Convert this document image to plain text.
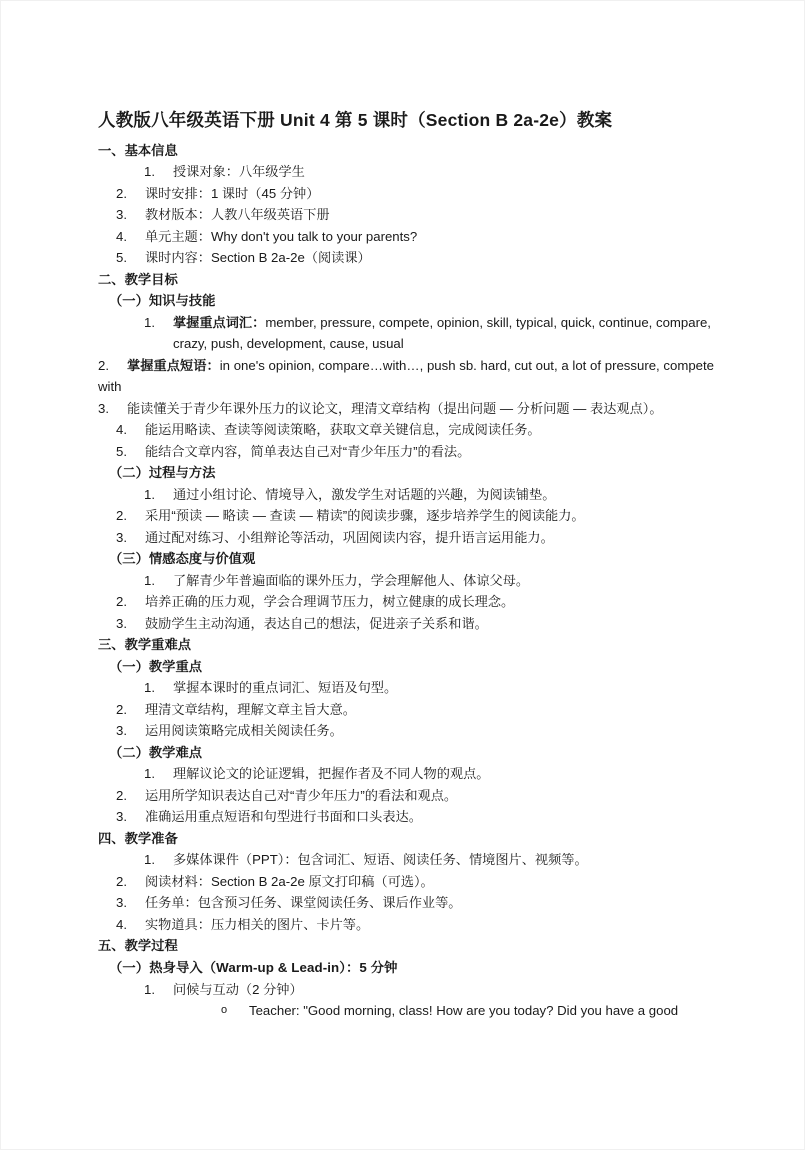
人教版八年级英语下册 Unit 4 第 5 课时（Section B 2a-2e）教案
一、基本信息
1.	授课对象：八年级学生
2.	课时安排：1 课时（45 分钟）
3.	教材版本：人教八年级英语下册
4.	单元主题：Why don't you talk to your parents?
5.	课时内容：Section B 2a-2e（阅读课）
二、教学目标
（一）知识与技能
1.	掌握重点词汇：member, pressure, compete, opinion, skill, typical, quick, continue, compare, crazy, push, development, cause, usual
2. 掌握重点短语：in one's opinion, compare…with…, push sb. hard, cut out, a lot of pressure, compete with
3. 能读懂关于青少年课外压力的议论文，理清文章结构（提出问题 — 分析问题 — 表达观点）。
4.	能运用略读、查读等阅读策略，获取文章关键信息，完成阅读任务。
5.	能结合文章内容，简单表达自己对“青少年压力”的看法。
（二）过程与方法
1.	通过小组讨论、情境导入，激发学生对话题的兴趣，为阅读铺垫。
2.	采用“预读 — 略读 — 查读 — 精读”的阅读步骤，逐步培养学生的阅读能力。
3.	通过配对练习、小组辩论等活动，巩固阅读内容，提升语言运用能力。
（三）情感态度与价值观
1.	了解青少年普遍面临的课外压力，学会理解他人、体谅父母。
2.	培养正确的压力观，学会合理调节压力，树立健康的成长理念。
3.	鼓励学生主动沟通，表达自己的想法，促进亲子关系和谐。
三、教学重难点
（一）教学重点
1.	掌握本课时的重点词汇、短语及句型。
2.	理清文章结构，理解文章主旨大意。
3.	运用阅读策略完成相关阅读任务。
（二）教学难点
1.	理解议论文的论证逻辑，把握作者及不同人物的观点。
2.	运用所学知识表达自己对“青少年压力”的看法和观点。
3.	准确运用重点短语和句型进行书面和口头表达。
四、教学准备
1.	多媒体课件（PPT）：包含词汇、短语、阅读任务、情境图片、视频等。
2.	阅读材料：Section B 2a-2e 原文打印稿（可选）。
3.	任务单：包含预习任务、课堂阅读任务、课后作业等。
4.	实物道具：压力相关的图片、卡片等。
五、教学过程
（一）热身导入（Warm-up & Lead-in）：5 分钟
1.	问候与互动（2 分钟）
o	Teacher: "Good morning, class! How are you today? Did you have a good
